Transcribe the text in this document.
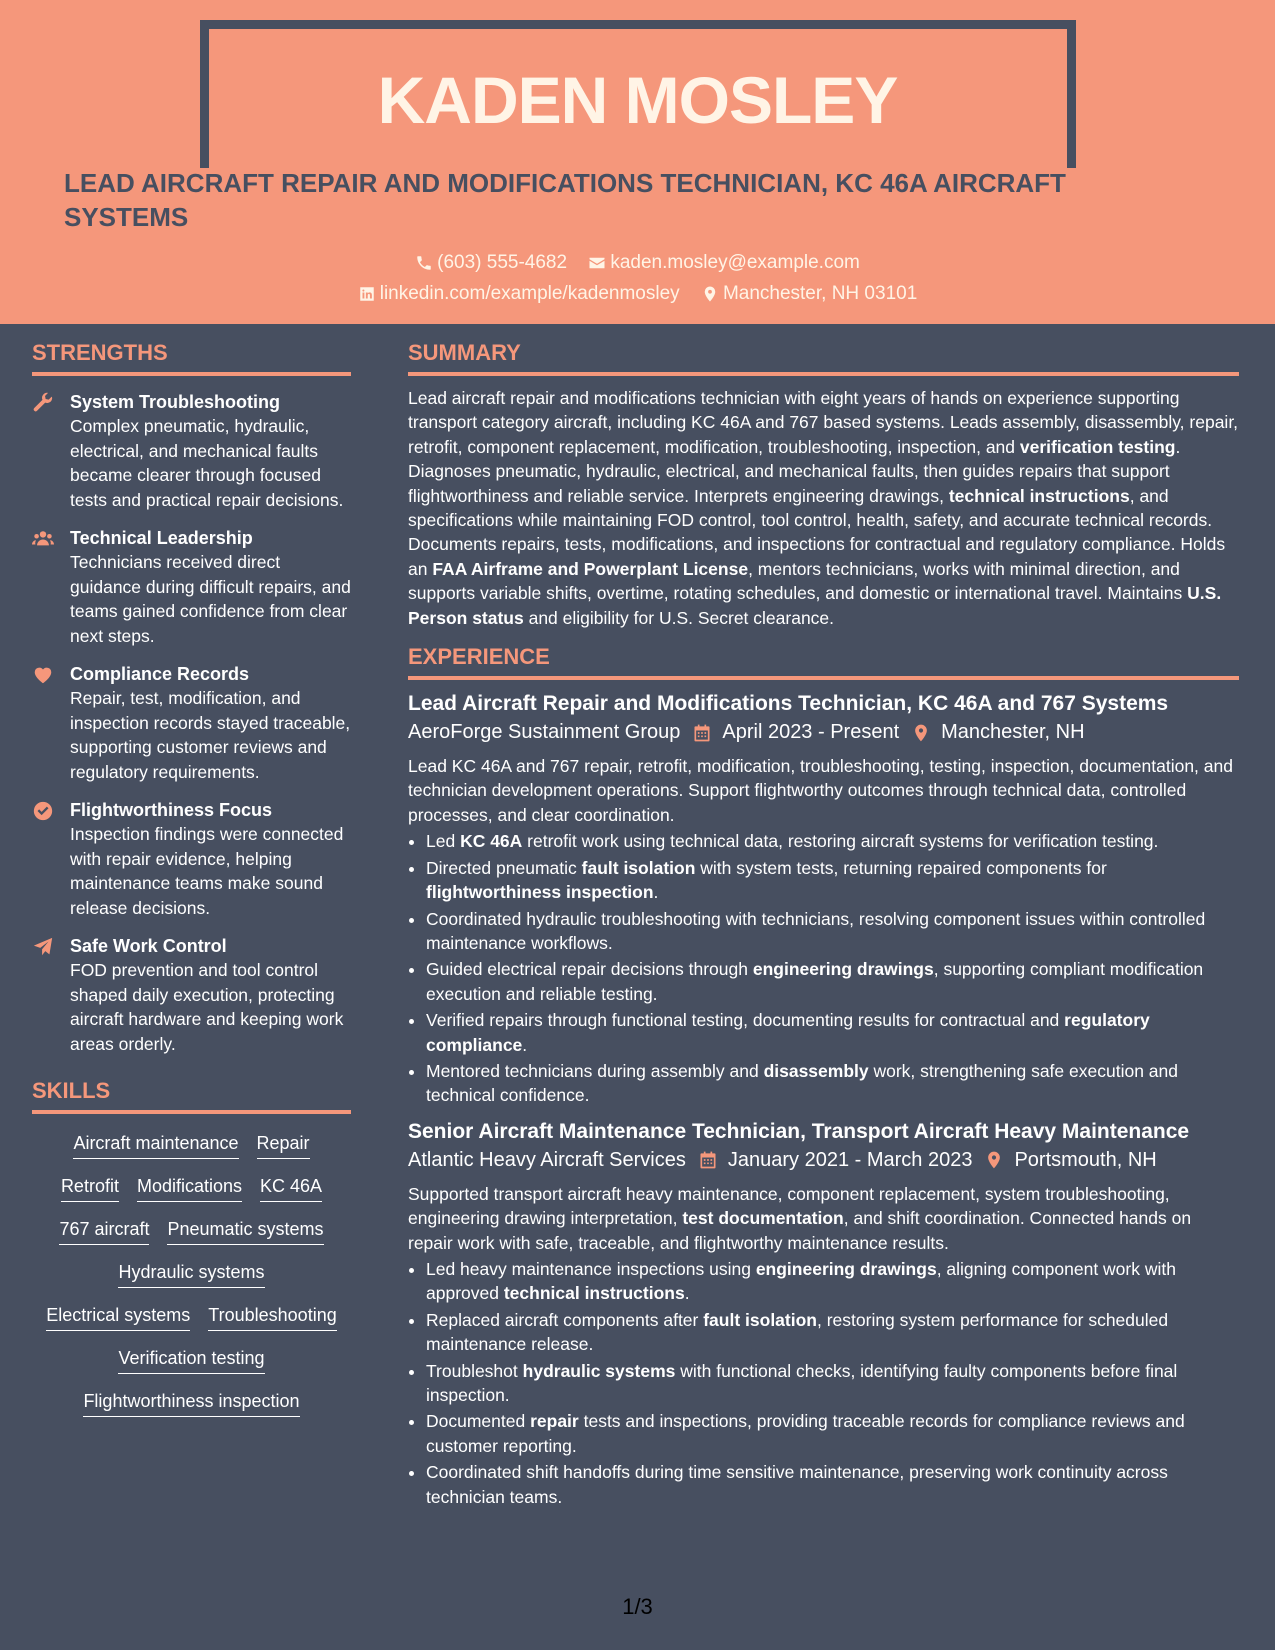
KADEN MOSLEY
LEAD AIRCRAFT REPAIR AND MODIFICATIONS TECHNICIAN, KC 46A AIRCRAFT SYSTEMS
(603) 555-4682
kaden.mosley@example.com
linkedin.com/example/kadenmosley
Manchester, NH 03101
STRENGTHS
System Troubleshooting
Complex pneumatic, hydraulic, electrical, and mechanical faults became clearer through focused tests and practical repair decisions.
Technical Leadership
Technicians received direct guidance during difficult repairs, and teams gained confidence from clear next steps.
Compliance Records
Repair, test, modification, and inspection records stayed traceable, supporting customer reviews and regulatory requirements.
Flightworthiness Focus
Inspection findings were connected with repair evidence, helping maintenance teams make sound release decisions.
Safe Work Control
FOD prevention and tool control shaped daily execution, protecting aircraft hardware and keeping work areas orderly.
SKILLS
Aircraft maintenance Repair
Retrofit Modifications KC 46A
767 aircraft Pneumatic systems
Hydraulic systems
Electrical systems Troubleshooting
Verification testing
Flightworthiness inspection
SUMMARY
Lead aircraft repair and modifications technician with eight years of hands on experience supporting transport category aircraft, including KC 46A and 767 based systems. Leads assembly, disassembly, repair, retrofit, component replacement, modification, troubleshooting, inspection, and verification testing. Diagnoses pneumatic, hydraulic, electrical, and mechanical faults, then guides repairs that support flightworthiness and reliable service. Interprets engineering drawings, technical instructions, and specifications while maintaining FOD control, tool control, health, safety, and accurate technical records. Documents repairs, tests, modifications, and inspections for contractual and regulatory compliance. Holds an FAA Airframe and Powerplant License, mentors technicians, works with minimal direction, and supports variable shifts, overtime, rotating schedules, and domestic or international travel. Maintains U.S. Person status and eligibility for U.S. Secret clearance.
EXPERIENCE
Lead Aircraft Repair and Modifications Technician, KC 46A and 767 Systems
AeroForge Sustainment Group April 2023 - Present Manchester, NH
Lead KC 46A and 767 repair, retrofit, modification, troubleshooting, testing, inspection, documentation, and technician development operations. Support flightworthy outcomes through technical data, controlled processes, and clear coordination.
• Led KC 46A retrofit work using technical data, restoring aircraft systems for verification testing.
• Directed pneumatic fault isolation with system tests, returning repaired components for flightworthiness inspection.
• Coordinated hydraulic troubleshooting with technicians, resolving component issues within controlled maintenance workflows.
• Guided electrical repair decisions through engineering drawings, supporting compliant modification execution and reliable testing.
• Verified repairs through functional testing, documenting results for contractual and regulatory compliance.
• Mentored technicians during assembly and disassembly work, strengthening safe execution and technical confidence.
Senior Aircraft Maintenance Technician, Transport Aircraft Heavy Maintenance
Atlantic Heavy Aircraft Services January 2021 - March 2023 Portsmouth, NH
Supported transport aircraft heavy maintenance, component replacement, system troubleshooting, engineering drawing interpretation, test documentation, and shift coordination. Connected hands on repair work with safe, traceable, and flightworthy maintenance results.
• Led heavy maintenance inspections using engineering drawings, aligning component work with approved technical instructions.
• Replaced aircraft components after fault isolation, restoring system performance for scheduled maintenance release.
• Troubleshot hydraulic systems with functional checks, identifying faulty components before final inspection.
• Documented repair tests and inspections, providing traceable records for compliance reviews and customer reporting.
• Coordinated shift handoffs during time sensitive maintenance, preserving work continuity across technician teams.
1/3
